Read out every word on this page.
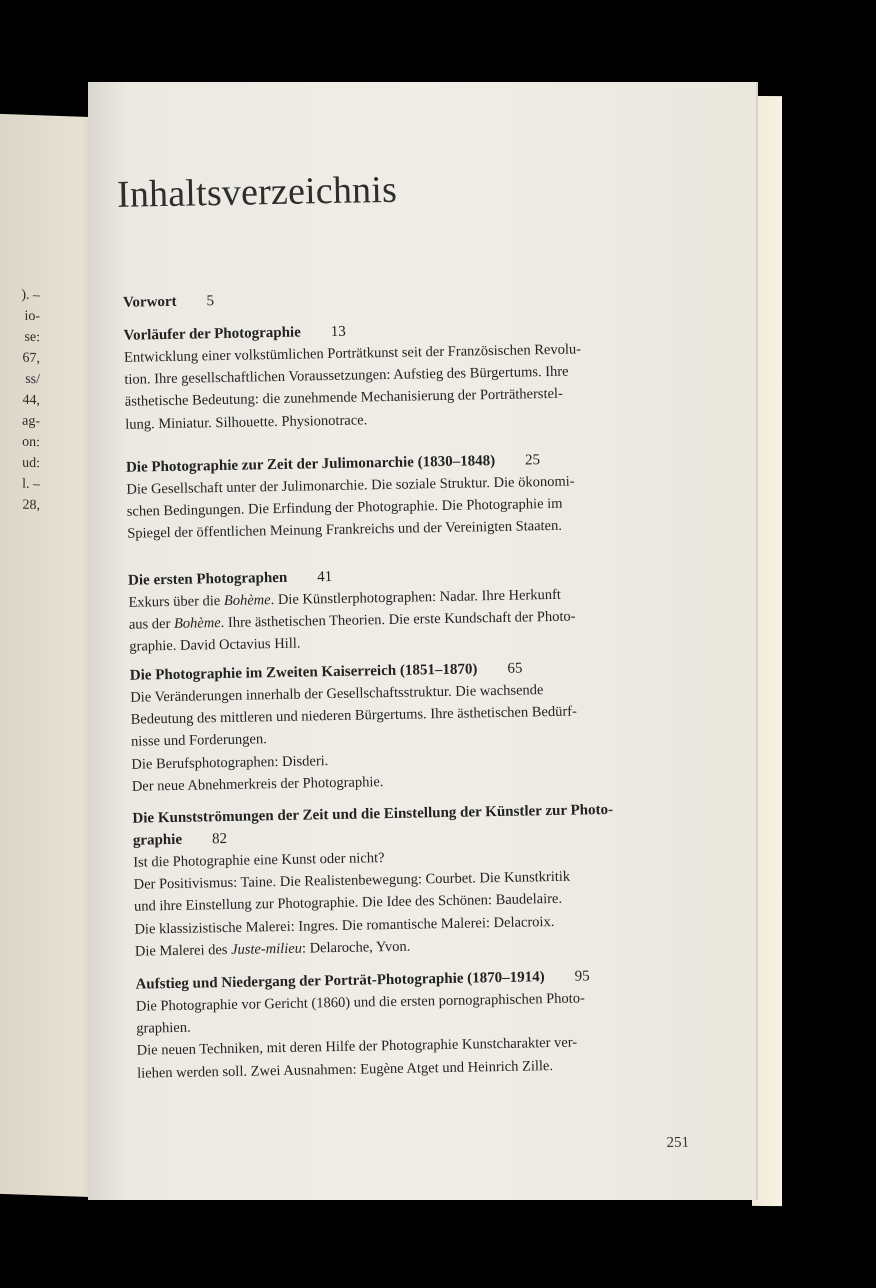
). –
io-
se:
67,
ss/
44,
ag-
on:
ud:
l. –
28,
Inhaltsverzeichnis
Vorwort 5
Vorläufer der Photographie 13
Entwicklung einer volkstümlichen Porträtkunst seit der Französischen Revolu-
tion. Ihre gesellschaftlichen Voraussetzungen: Aufstieg des Bürgertums. Ihre
ästhetische Bedeutung: die zunehmende Mechanisierung der Porträtherstel-
lung. Miniatur. Silhouette. Physionotrace.
Die Photographie zur Zeit der Julimonarchie (1830–1848) 25
Die Gesellschaft unter der Julimonarchie. Die soziale Struktur. Die ökonomi-
schen Bedingungen. Die Erfindung der Photographie. Die Photographie im
Spiegel der öffentlichen Meinung Frankreichs und der Vereinigten Staaten.
Die ersten Photographen 41
Exkurs über die Bohème. Die Künstlerphotographen: Nadar. Ihre Herkunft
aus der Bohème. Ihre ästhetischen Theorien. Die erste Kundschaft der Photo-
graphie. David Octavius Hill.
Die Photographie im Zweiten Kaiserreich (1851–1870) 65
Die Veränderungen innerhalb der Gesellschaftsstruktur. Die wachsende
Bedeutung des mittleren und niederen Bürgertums. Ihre ästhetischen Bedürf-
nisse und Forderungen.
Die Berufsphotographen: Disderi.
Der neue Abnehmerkreis der Photographie.
Die Kunstströmungen der Zeit und die Einstellung der Künstler zur Photo-
graphie 82
Ist die Photographie eine Kunst oder nicht?
Der Positivismus: Taine. Die Realistenbewegung: Courbet. Die Kunstkritik
und ihre Einstellung zur Photographie. Die Idee des Schönen: Baudelaire.
Die klassizistische Malerei: Ingres. Die romantische Malerei: Delacroix.
Die Malerei des Juste-milieu: Delaroche, Yvon.
Aufstieg und Niedergang der Porträt-Photographie (1870–1914) 95
Die Photographie vor Gericht (1860) und die ersten pornographischen Photo-
graphien.
Die neuen Techniken, mit deren Hilfe der Photographie Kunstcharakter ver-
liehen werden soll. Zwei Ausnahmen: Eugène Atget und Heinrich Zille.
251
